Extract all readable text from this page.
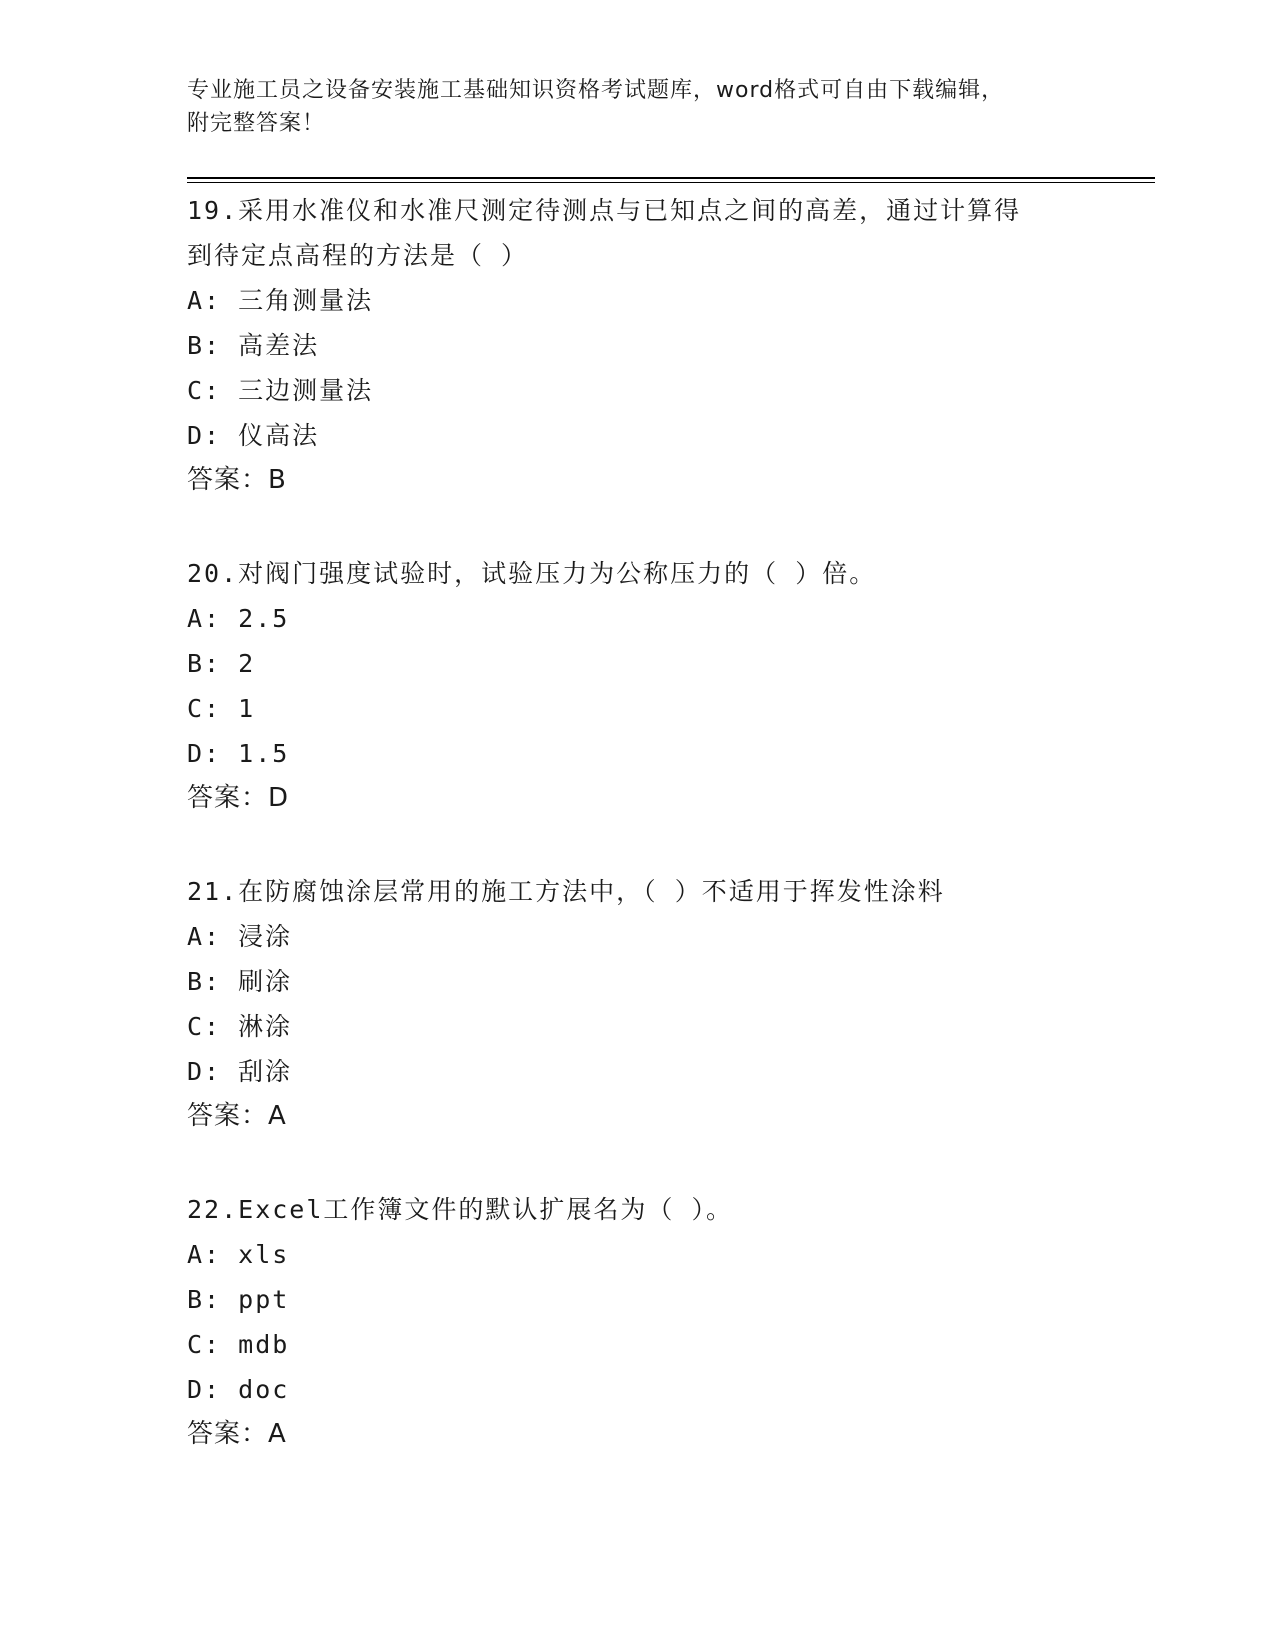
专业施工员之设备安装施工基础知识资格考试题库，word格式可自由下载编辑，
附完整答案！

19.采用水准仪和水准尺测定待测点与已知点之间的高差，通过计算得
到待定点高程的方法是（ ）

A: 三角测量法

B: 高差法

C: 三边测量法

D: 仪高法

答案：B

20.对阀门强度试验时，试验压力为公称压力的（ ）倍。

A: 2.5

B: 2

C: 1

D: 1.5

答案：D

21.在防腐蚀涂层常用的施工方法中，（ ）不适用于挥发性涂料

A: 浸涂

B: 刷涂

C: 淋涂

D: 刮涂

答案：A

22.Excel工作簿文件的默认扩展名为（ ）。

A: xls

B: ppt

C: mdb

D: doc

答案：A
